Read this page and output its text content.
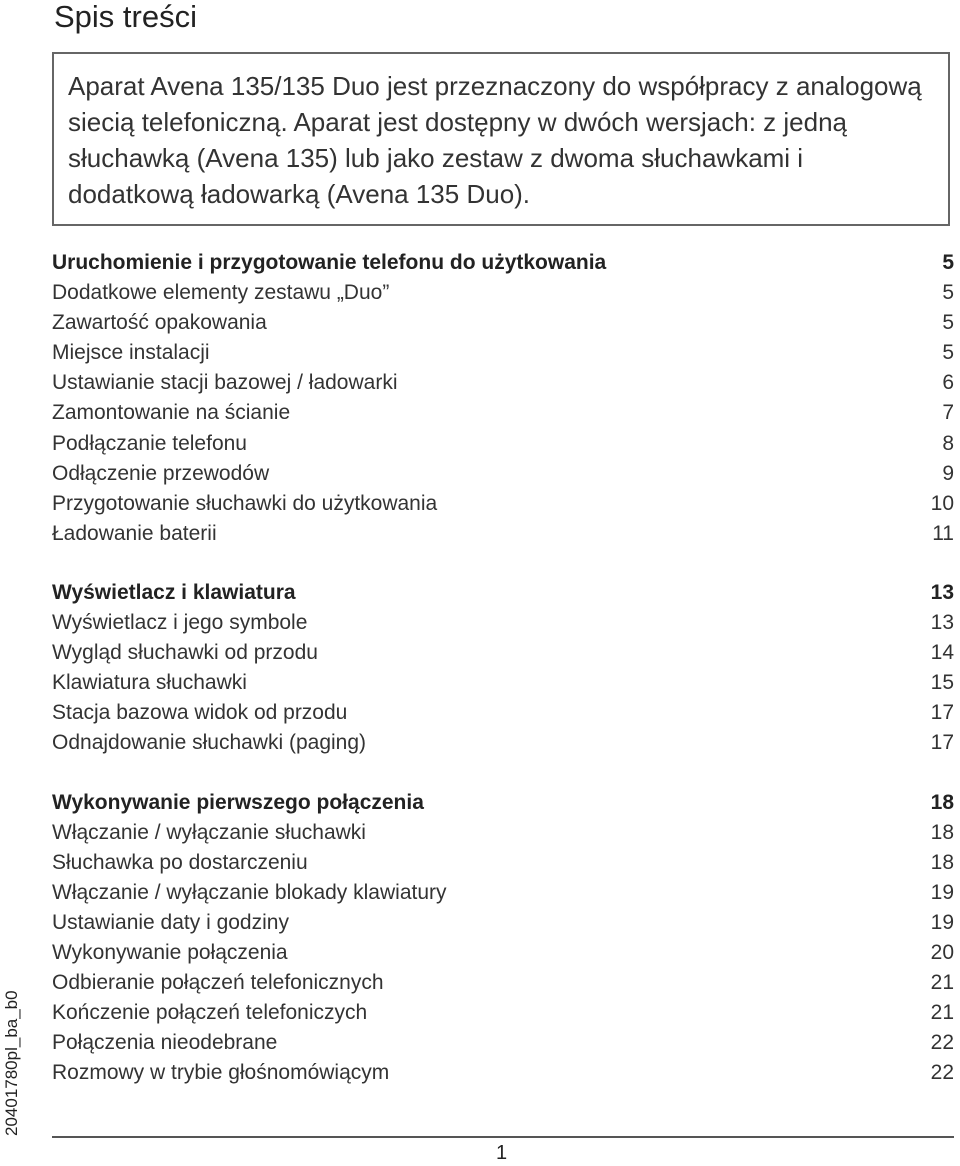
Spis treści
Aparat Avena 135/135 Duo jest przeznaczony do współpracy z analogową siecią telefoniczną. Aparat jest dostępny w dwóch wersjach: z jedną słuchawką (Avena 135) lub jako zestaw z dwoma słuchawkami i dodatkową ładowarką (Avena 135 Duo).
Uruchomienie i przygotowanie telefonu do użytkowania	5
Dodatkowe elementy zestawu „Duo”	5
Zawartość opakowania	5
Miejsce instalacji	5
Ustawianie stacji bazowej / ładowarki	6
Zamontowanie na ścianie	7
Podłączanie telefonu	8
Odłączenie przewodów	9
Przygotowanie słuchawki do użytkowania	10
Ładowanie baterii	11
Wyświetlacz i klawiatura	13
Wyświetlacz i jego symbole	13
Wygląd słuchawki od przodu	14
Klawiatura słuchawki	15
Stacja bazowa widok od przodu	17
Odnajdowanie słuchawki (paging)	17
Wykonywanie pierwszego połączenia	18
Włączanie / wyłączanie słuchawki	18
Słuchawka po dostarczeniu	18
Włączanie / wyłączanie blokady klawiatury	19
Ustawianie daty i godziny	19
Wykonywanie połączenia	20
Odbieranie połączeń telefonicznych	21
Kończenie połączeń telefoniczych	21
Połączenia nieodebrane	22
Rozmowy w trybie głośnomówiącym	22
20401780pl_ba_b0
1
